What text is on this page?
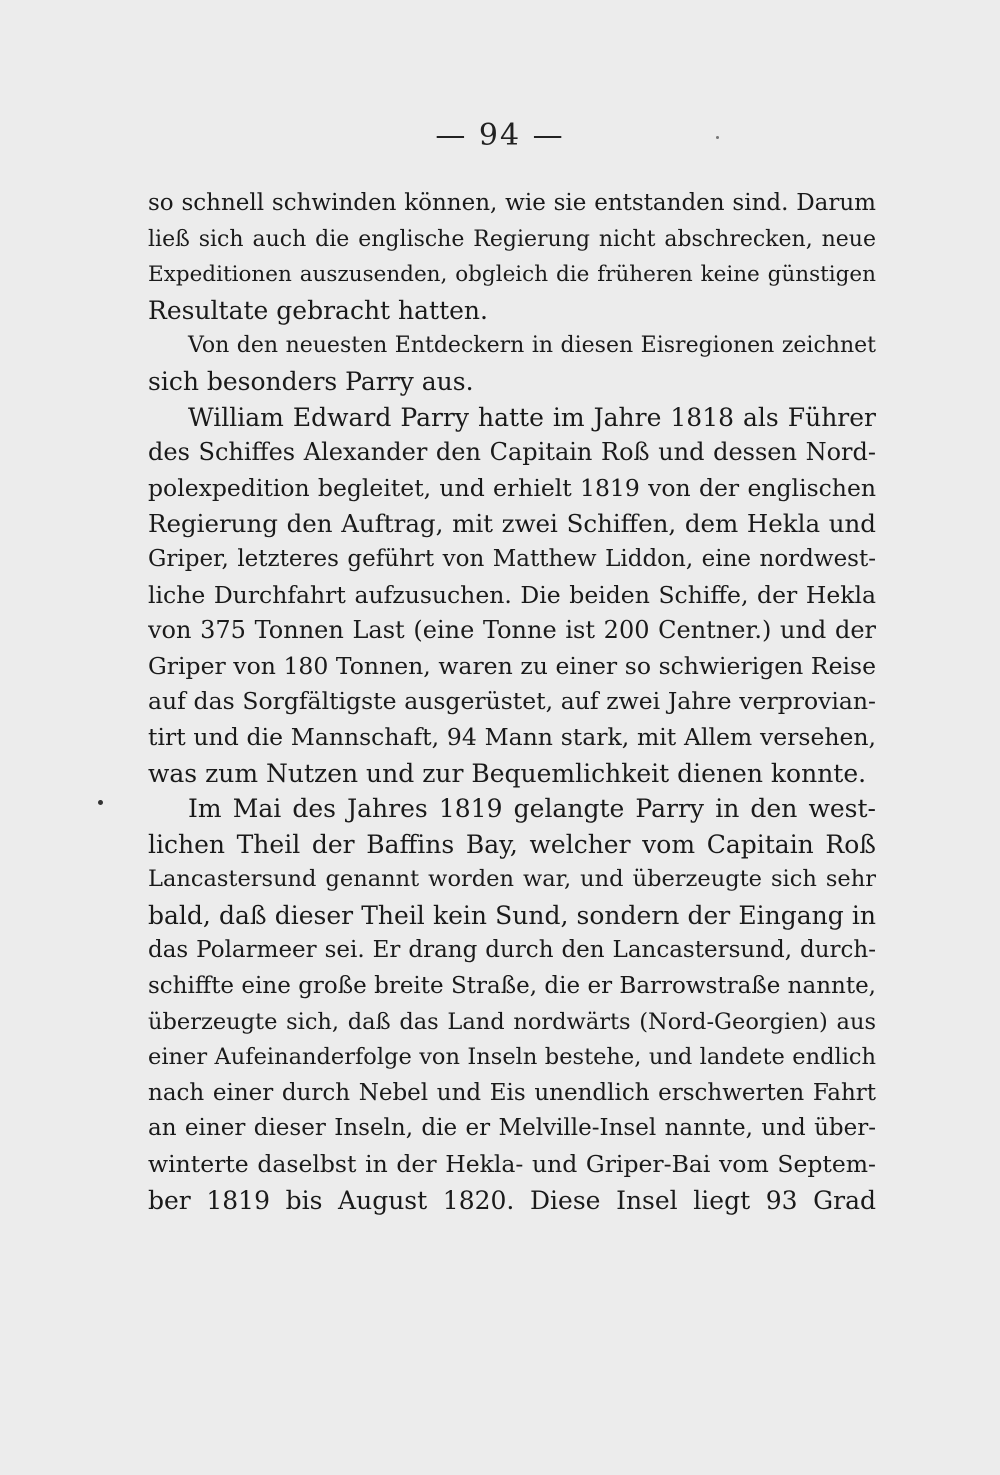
— 94 —
so schnell schwinden können, wie sie entstanden sind. Darum
ließ sich auch die englische Regierung nicht abschrecken, neue
Expeditionen auszusenden, obgleich die früheren keine günstigen
Resultate gebracht hatten.
Von den neuesten Entdeckern in diesen Eisregionen zeichnet
sich besonders Parry aus.
William Edward Parry hatte im Jahre 1818 als Führer
des Schiffes Alexander den Capitain Roß und dessen Nord-
polexpedition begleitet, und erhielt 1819 von der englischen
Regierung den Auftrag, mit zwei Schiffen, dem Hekla und
Griper, letzteres geführt von Matthew Liddon, eine nordwest-
liche Durchfahrt aufzusuchen. Die beiden Schiffe, der Hekla
von 375 Tonnen Last (eine Tonne ist 200 Centner.) und der
Griper von 180 Tonnen, waren zu einer so schwierigen Reise
auf das Sorgfältigste ausgerüstet, auf zwei Jahre verprovian-
tirt und die Mannschaft, 94 Mann stark, mit Allem versehen,
was zum Nutzen und zur Bequemlichkeit dienen konnte.
Im Mai des Jahres 1819 gelangte Parry in den west-
lichen Theil der Baffins Bay, welcher vom Capitain Roß
Lancastersund genannt worden war, und überzeugte sich sehr
bald, daß dieser Theil kein Sund, sondern der Eingang in
das Polarmeer sei. Er drang durch den Lancastersund, durch-
schiffte eine große breite Straße, die er Barrowstraße nannte,
überzeugte sich, daß das Land nordwärts (Nord-Georgien) aus
einer Aufeinanderfolge von Inseln bestehe, und landete endlich
nach einer durch Nebel und Eis unendlich erschwerten Fahrt
an einer dieser Inseln, die er Melville-Insel nannte, und über-
winterte daselbst in der Hekla- und Griper-Bai vom Septem-
ber 1819 bis August 1820. Diese Insel liegt 93 Grad
